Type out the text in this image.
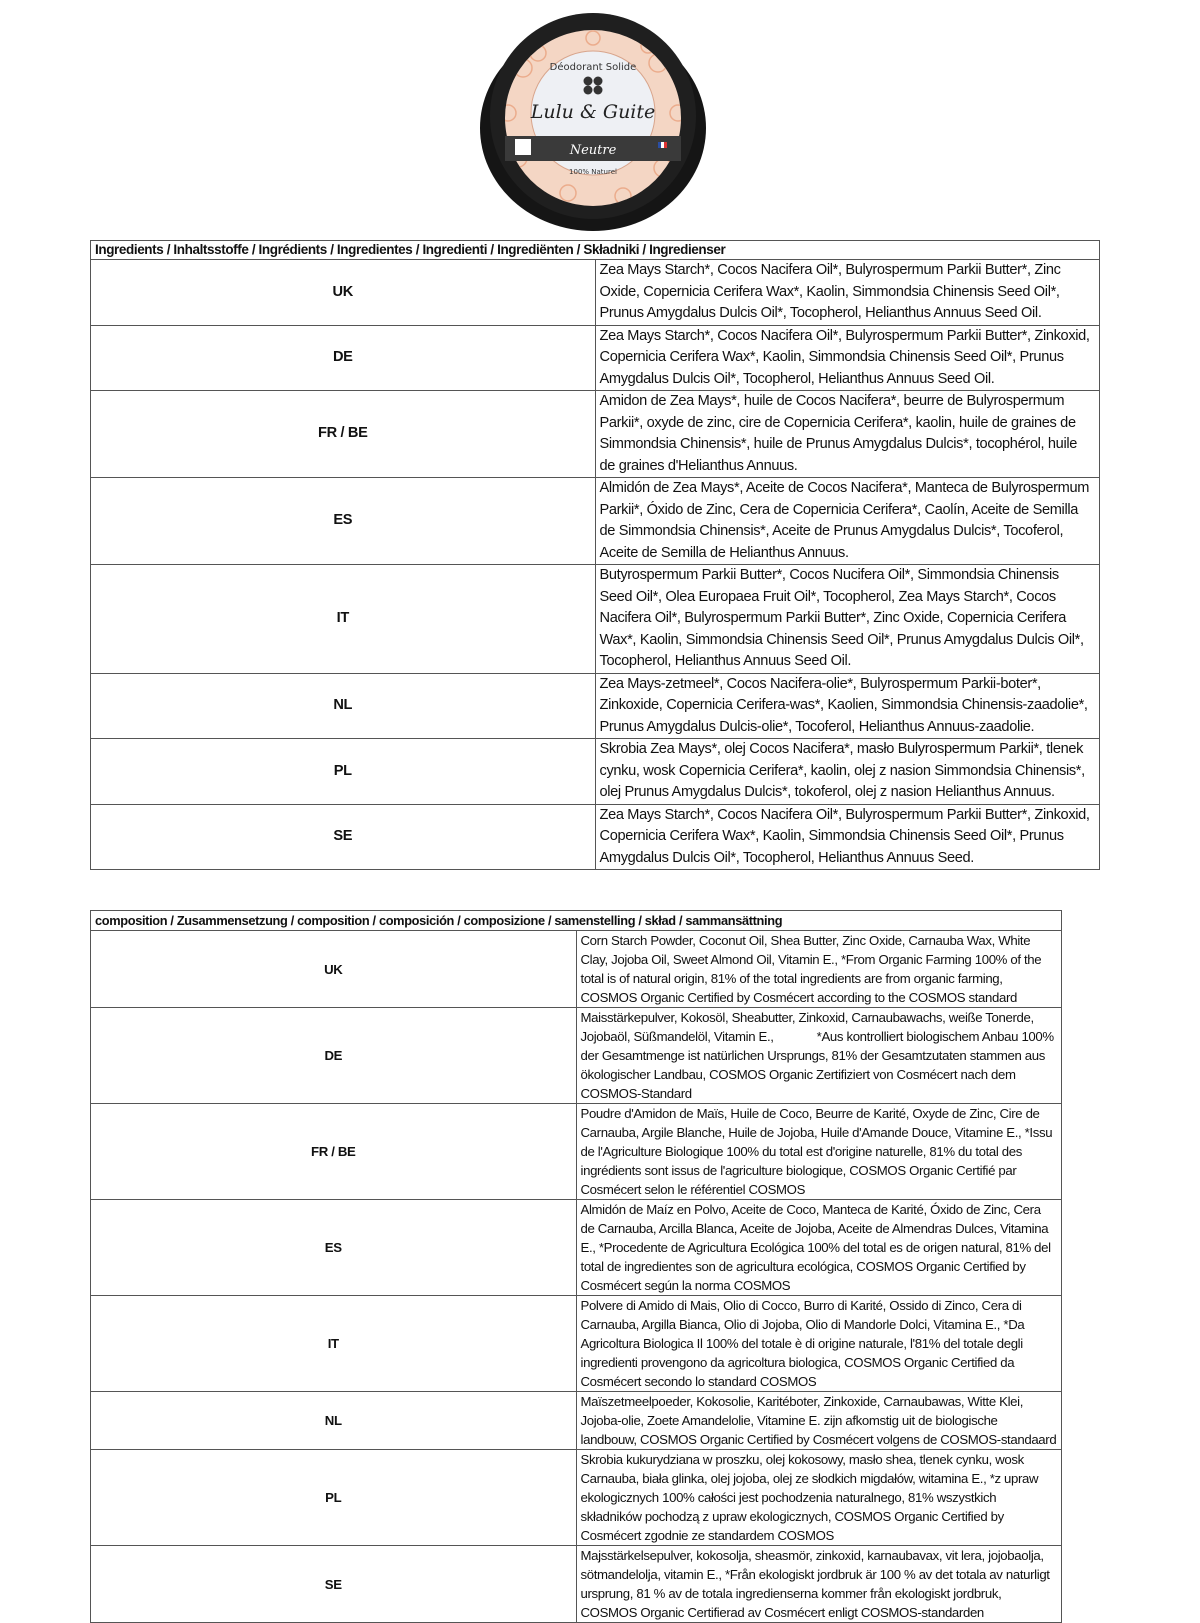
Déodorant Solide
Lulu & Guite
Neutre
100% Naturel
Ingredients / Inhaltsstoffe / Ingrédients / Ingredientes / Ingredienti / Ingrediënten / Składniki / Ingredienser	
UK	Zea Mays Starch*, Cocos Nacifera Oil*, Bulyrospermum Parkii Butter*, Zinc Oxide, Copernicia Cerifera Wax*, Kaolin, Simmondsia Chinensis Seed Oil*, Prunus Amygdalus Dulcis Oil*, Tocopherol, Helianthus Annuus Seed Oil.
DE	Zea Mays Starch*, Cocos Nacifera Oil*, Bulyrospermum Parkii Butter*, Zinkoxid, Copernicia Cerifera Wax*, Kaolin, Simmondsia Chinensis Seed Oil*, Prunus Amygdalus Dulcis Oil*, Tocopherol, Helianthus Annuus Seed Oil.
FR / BE	Amidon de Zea Mays*, huile de Cocos Nacifera*, beurre de Bulyrospermum Parkii*, oxyde de zinc, cire de Copernicia Cerifera*, kaolin, huile de graines de Simmondsia Chinensis*, huile de Prunus Amygdalus Dulcis*, tocophérol, huile de graines d'Helianthus Annuus.
ES	Almidón de Zea Mays*, Aceite de Cocos Nacifera*, Manteca de Bulyrospermum Parkii*, Óxido de Zinc, Cera de Copernicia Cerifera*, Caolín, Aceite de Semilla de Simmondsia Chinensis*, Aceite de Prunus Amygdalus Dulcis*, Tocoferol, Aceite de Semilla de Helianthus Annuus.
IT	Butyrospermum Parkii Butter*, Cocos Nucifera Oil*, Simmondsia Chinensis Seed Oil*, Olea Europaea Fruit Oil*, Tocopherol, Zea Mays Starch*, Cocos Nacifera Oil*, Bulyrospermum Parkii Butter*, Zinc Oxide, Copernicia Cerifera Wax*, Kaolin, Simmondsia Chinensis Seed Oil*, Prunus Amygdalus Dulcis Oil*, Tocopherol, Helianthus Annuus Seed Oil.
NL	Zea Mays-zetmeel*, Cocos Nacifera-olie*, Bulyrospermum Parkii-boter*, Zinkoxide, Copernicia Cerifera-was*, Kaolien, Simmondsia Chinensis-zaadolie*, Prunus Amygdalus Dulcis-olie*, Tocoferol, Helianthus Annuus-zaadolie.
PL	Skrobia Zea Mays*, olej Cocos Nacifera*, masło Bulyrospermum Parkii*, tlenek cynku, wosk Copernicia Cerifera*, kaolin, olej z nasion Simmondsia Chinensis*, olej Prunus Amygdalus Dulcis*, tokoferol, olej z nasion Helianthus Annuus.
SE	Zea Mays Starch*, Cocos Nacifera Oil*, Bulyrospermum Parkii Butter*, Zinkoxid, Copernicia Cerifera Wax*, Kaolin, Simmondsia Chinensis Seed Oil*, Prunus Amygdalus Dulcis Oil*, Tocopherol, Helianthus Annuus Seed.
composition / Zusammensetzung / composition / composición / composizione / samenstelling / skład / sammansättning	
UK	Corn Starch Powder, Coconut Oil, Shea Butter, Zinc Oxide, Carnauba Wax, White Clay, Jojoba Oil, Sweet Almond Oil, Vitamin E., *From Organic Farming 100% of the total is of natural origin, 81% of the total ingredients are from organic farming, COSMOS Organic Certified by Cosmécert according to the COSMOS standard
DE	Maisstärkepulver, Kokosöl, Sheabutter, Zinkoxid, Carnaubawachs, weiße Tonerde, Jojobaöl, Süßmandelöl, Vitamin E.,             *Aus kontrolliert biologischem Anbau 100% der Gesamtmenge ist natürlichen Ursprungs, 81% der Gesamtzutaten stammen aus ökologischer Landbau, COSMOS Organic Zertifiziert von Cosmécert nach dem COSMOS-Standard
FR / BE	Poudre d'Amidon de Maïs, Huile de Coco, Beurre de Karité, Oxyde de Zinc, Cire de Carnauba, Argile Blanche, Huile de Jojoba, Huile d'Amande Douce, Vitamine E., *Issu de l'Agriculture Biologique 100% du total est d'origine naturelle, 81% du total des ingrédients sont issus de l'agriculture biologique, COSMOS Organic Certifié par Cosmécert selon le référentiel COSMOS
ES	Almidón de Maíz en Polvo, Aceite de Coco, Manteca de Karité, Óxido de Zinc, Cera de Carnauba, Arcilla Blanca, Aceite de Jojoba, Aceite de Almendras Dulces, Vitamina E., *Procedente de Agricultura Ecológica 100% del total es de origen natural, 81% del total de ingredientes son de agricultura ecológica, COSMOS Organic Certified by Cosmécert según la norma COSMOS
IT	Polvere di Amido di Mais, Olio di Cocco, Burro di Karité, Ossido di Zinco, Cera di Carnauba, Argilla Bianca, Olio di Jojoba, Olio di Mandorle Dolci, Vitamina E., *Da Agricoltura Biologica Il 100% del totale è di origine naturale, l'81% del totale degli ingredienti provengono da agricoltura biologica, COSMOS Organic Certified da Cosmécert secondo lo standard COSMOS
NL	Maïszetmeelpoeder, Kokosolie, Karitéboter, Zinkoxide, Carnaubawas, Witte Klei, Jojoba-olie, Zoete Amandelolie, Vitamine E. zijn afkomstig uit de biologische landbouw, COSMOS Organic Certified by Cosmécert volgens de COSMOS-standaard
PL	Skrobia kukurydziana w proszku, olej kokosowy, masło shea, tlenek cynku, wosk Carnauba, biała glinka, olej jojoba, olej ze słodkich migdałów, witamina E., *z upraw ekologicznych 100% całości jest pochodzenia naturalnego, 81% wszystkich składników pochodzą z upraw ekologicznych, COSMOS Organic Certified by Cosmécert zgodnie ze standardem COSMOS
SE	Majsstärkelsepulver, kokosolja, sheasmör, zinkoxid, karnaubavax, vit lera, jojobaolja, sötmandelolja, vitamin E., *Från ekologiskt jordbruk är 100 % av det totala av naturligt ursprung, 81 % av de totala ingredienserna kommer från ekologiskt jordbruk, COSMOS Organic Certifierad av Cosmécert enligt COSMOS-standarden
